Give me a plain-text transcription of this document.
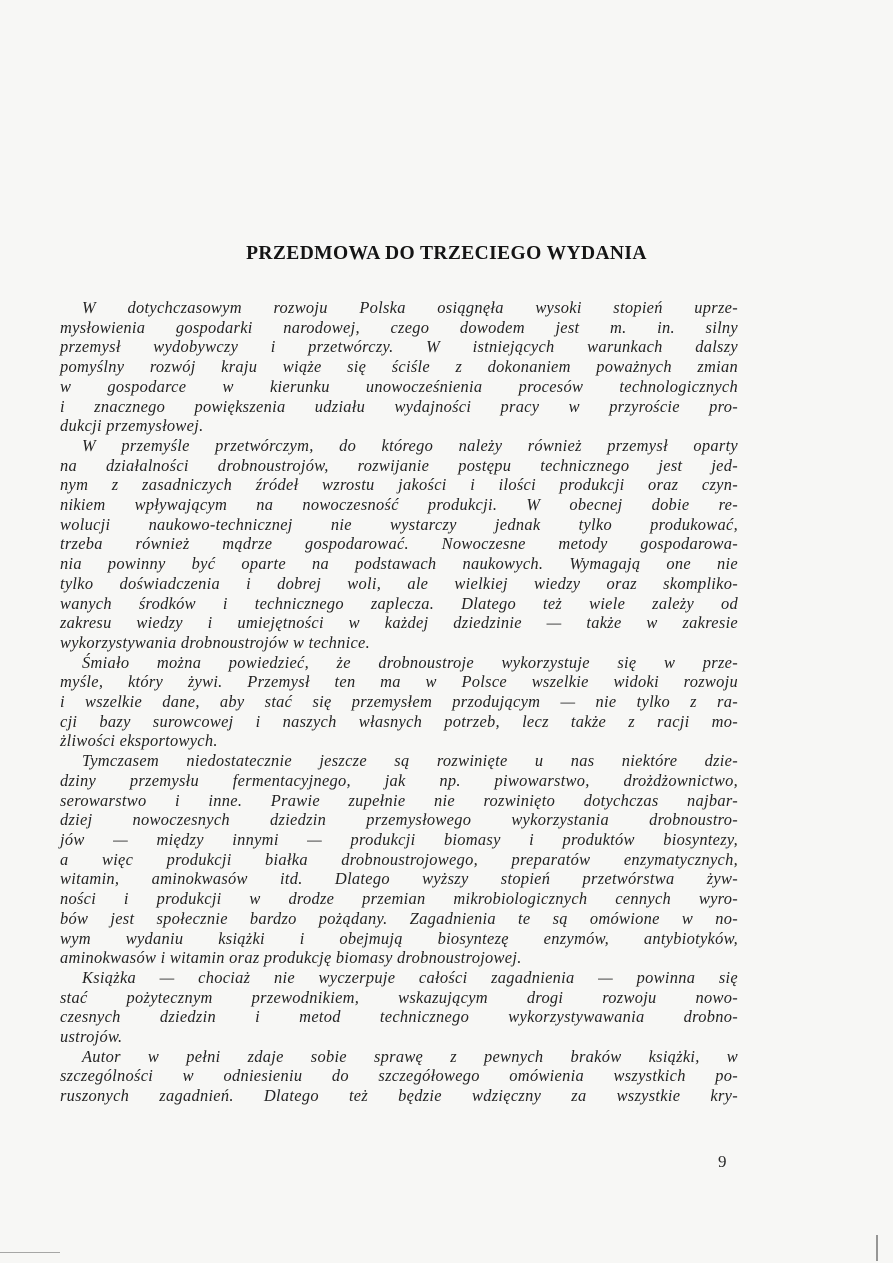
PRZEDMOWA DO TRZECIEGO WYDANIA

W dotychczasowym rozwoju Polska osiągnęła wysoki stopień uprze-
mysłowienia gospodarki narodowej, czego dowodem jest m. in. silny
przemysł wydobywczy i przetwórczy. W istniejących warunkach dalszy
pomyślny rozwój kraju wiąże się ściśle z dokonaniem poważnych zmian
w gospodarce w kierunku unowocześnienia procesów technologicznych
i znacznego powiększenia udziału wydajności pracy w przyroście pro-
dukcji przemysłowej.

W przemyśle przetwórczym, do którego należy również przemysł oparty
na działalności drobnoustrojów, rozwijanie postępu technicznego jest jed-
nym z zasadniczych źródeł wzrostu jakości i ilości produkcji oraz czyn-
nikiem wpływającym na nowoczesność produkcji. W obecnej dobie re-
wolucji naukowo-technicznej nie wystarczy jednak tylko produkować,
trzeba również mądrze gospodarować. Nowoczesne metody gospodarowa-
nia powinny być oparte na podstawach naukowych. Wymagają one nie
tylko doświadczenia i dobrej woli, ale wielkiej wiedzy oraz skompliko-
wanych środków i technicznego zaplecza. Dlatego też wiele zależy od
zakresu wiedzy i umiejętności w każdej dziedzinie — także w zakresie
wykorzystywania drobnoustrojów w technice.

Śmiało można powiedzieć, że drobnoustroje wykorzystuje się w prze-
myśle, który żywi. Przemysł ten ma w Polsce wszelkie widoki rozwoju
i wszelkie dane, aby stać się przemysłem przodującym — nie tylko z ra-
cji bazy surowcowej i naszych własnych potrzeb, lecz także z racji mo-
żliwości eksportowych.

Tymczasem niedostatecznie jeszcze są rozwinięte u nas niektóre dzie-
dziny przemysłu fermentacyjnego, jak np. piwowarstwo, drożdżownictwo,
serowarstwo i inne. Prawie zupełnie nie rozwinięto dotychczas najbar-
dziej nowoczesnych dziedzin przemysłowego wykorzystania drobnoustro-
jów — między innymi — produkcji biomasy i produktów biosyntezy,
a więc produkcji białka drobnoustrojowego, preparatów enzymatycznych,
witamin, aminokwasów itd. Dlatego wyższy stopień przetwórstwa żyw-
ności i produkcji w drodze przemian mikrobiologicznych cennych wyro-
bów jest społecznie bardzo pożądany. Zagadnienia te są omówione w no-
wym wydaniu książki i obejmują biosyntezę enzymów, antybiotyków,
aminokwasów i witamin oraz produkcję biomasy drobnoustrojowej.

Książka — chociaż nie wyczerpuje całości zagadnienia — powinna się
stać pożytecznym przewodnikiem, wskazującym drogi rozwoju nowo-
czesnych dziedzin i metod technicznego wykorzystywawania drobno-
ustrojów.

Autor w pełni zdaje sobie sprawę z pewnych braków książki, w
szczególności w odniesieniu do szczegółowego omówienia wszystkich po-
ruszonych zagadnień. Dlatego też będzie wdzięczny za wszystkie kry-

9
